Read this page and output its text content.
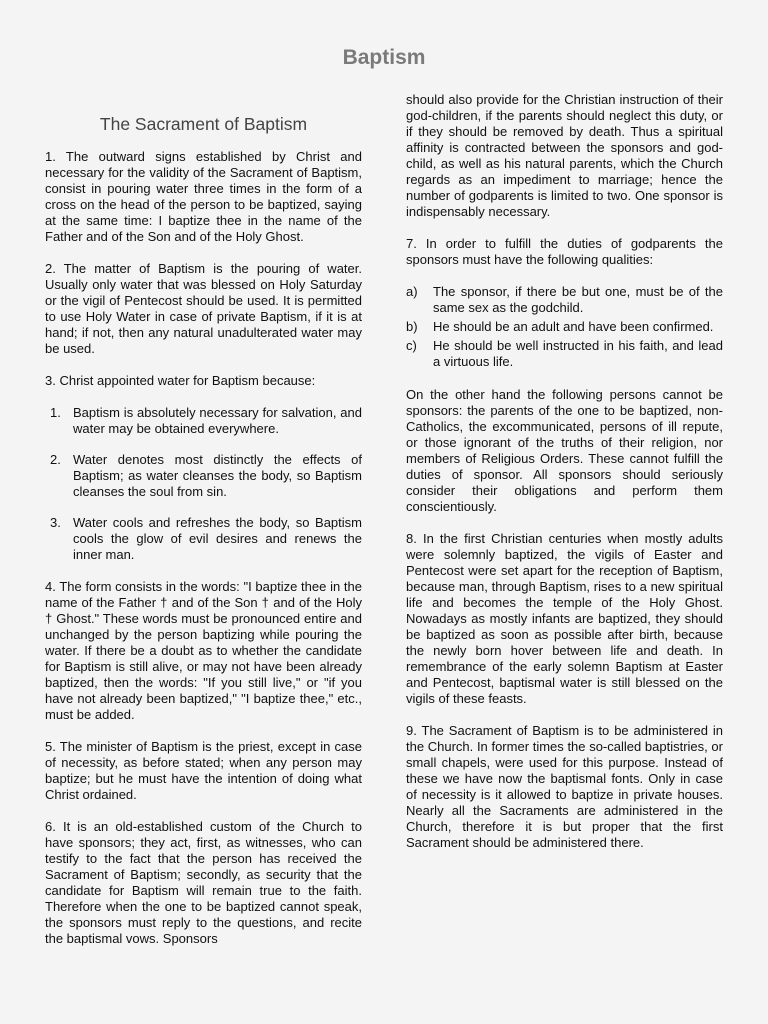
Baptism
The Sacrament of Baptism

1. The outward signs established by Christ and necessary for the validity of the Sacrament of Baptism, consist in pouring water three times in the form of a cross on the head of the person to be baptized, saying at the same time: I baptize thee in the name of the Father and of the Son and of the Holy Ghost.

2. The matter of Baptism is the pouring of water. Usually only water that was blessed on Holy Saturday or the vigil of Pentecost should be used. It is permitted to use Holy Water in case of private Baptism, if it is at hand; if not, then any natural unadulterated water may be used.

3. Christ appointed water for Baptism because:

1. Baptism is absolutely necessary for salvation, and water may be obtained everywhere.
2. Water denotes most distinctly the effects of Baptism; as water cleanses the body, so Baptism cleanses the soul from sin.
3. Water cools and refreshes the body, so Baptism cools the glow of evil desires and renews the inner man.

4. The form consists in the words: "I baptize thee in the name of the Father † and of the Son † and of the Holy † Ghost." These words must be pronounced entire and unchanged by the person baptizing while pouring the water. If there be a doubt as to whether the candidate for Baptism is still alive, or may not have been already baptized, then the words: "If you still live," or "if you have not already been baptized," "I baptize thee," etc., must be added.

5. The minister of Baptism is the priest, except in case of necessity, as before stated; when any person may baptize; but he must have the intention of doing what Christ ordained.

6. It is an old-established custom of the Church to have sponsors; they act, first, as witnesses, who can testify to the fact that the person has received the Sacrament of Baptism; secondly, as security that the candidate for Baptism will remain true to the faith. Therefore when the one to be baptized cannot speak, the sponsors must reply to the questions, and recite the baptismal vows. Sponsors

should also provide for the Christian instruction of their god-children, if the parents should neglect this duty, or if they should be removed by death. Thus a spiritual affinity is contracted between the sponsors and god-child, as well as his natural parents, which the Church regards as an impediment to marriage; hence the number of godparents is limited to two. One sponsor is indispensably necessary.

7. In order to fulfill the duties of godparents the sponsors must have the following qualities:

a) The sponsor, if there be but one, must be of the same sex as the godchild.
b) He should be an adult and have been confirmed.
c) He should be well instructed in his faith, and lead a virtuous life.

On the other hand the following persons cannot be sponsors: the parents of the one to be baptized, non-Catholics, the excommunicated, persons of ill repute, or those ignorant of the truths of their religion, nor members of Religious Orders. These cannot fulfill the duties of sponsor. All sponsors should seriously consider their obligations and perform them conscientiously.

8. In the first Christian centuries when mostly adults were solemnly baptized, the vigils of Easter and Pentecost were set apart for the reception of Baptism, because man, through Baptism, rises to a new spiritual life and becomes the temple of the Holy Ghost. Nowadays as mostly infants are baptized, they should be baptized as soon as possible after birth, because the newly born hover between life and death. In remembrance of the early solemn Baptism at Easter and Pentecost, baptismal water is still blessed on the vigils of these feasts.

9. The Sacrament of Baptism is to be administered in the Church. In former times the so-called baptistries, or small chapels, were used for this purpose. Instead of these we have now the baptismal fonts. Only in case of necessity is it allowed to baptize in private houses. Nearly all the Sacraments are administered in the Church, therefore it is but proper that the first Sacrament should be administered there.
